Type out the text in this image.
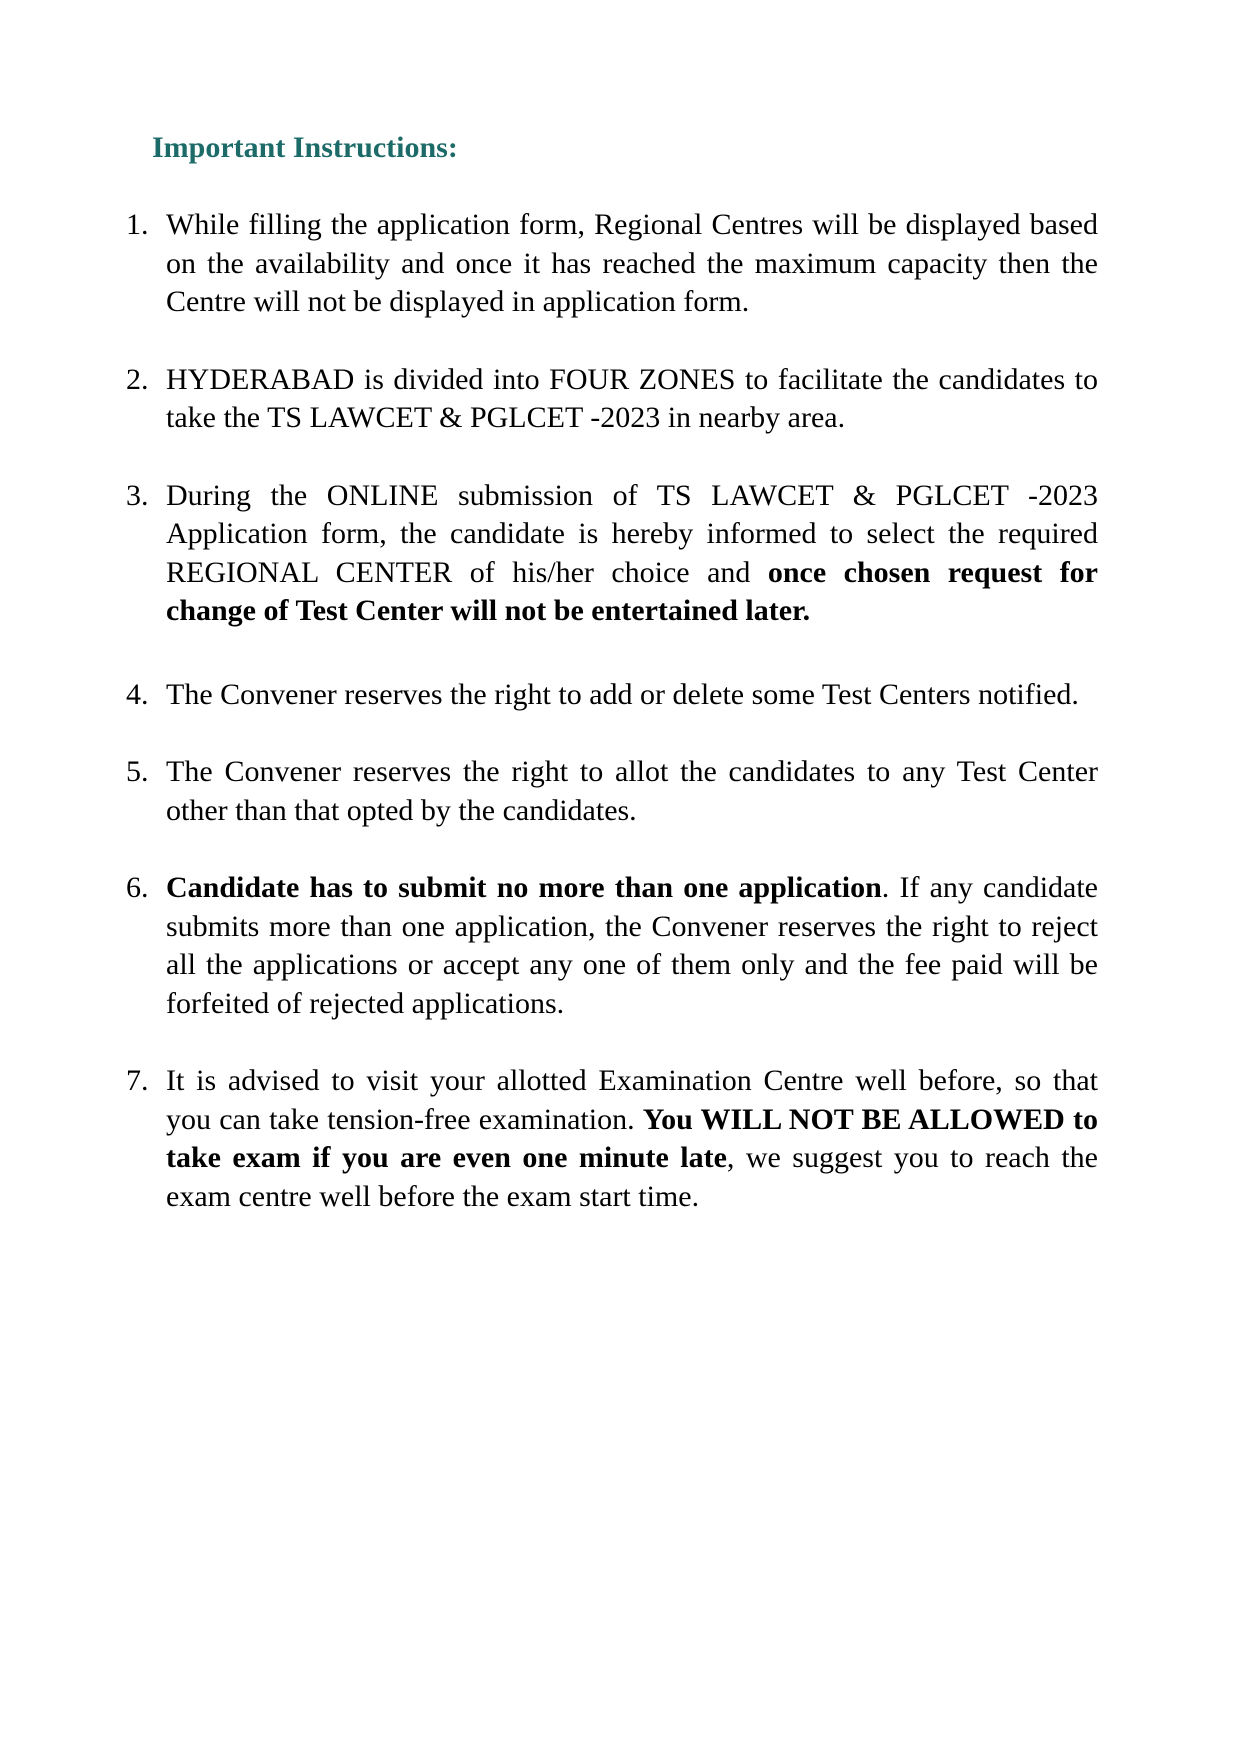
Important Instructions:
1. While filling the application form, Regional Centres will be displayed based on the availability and once it has reached the maximum capacity then the Centre will not be displayed in application form.
2. HYDERABAD is divided into FOUR ZONES to facilitate the candidates to take the TS LAWCET & PGLCET -2023 in nearby area.
3. During the ONLINE submission of TS LAWCET & PGLCET -2023 Application form, the candidate is hereby informed to select the required REGIONAL CENTER of his/her choice and once chosen request for change of Test Center will not be entertained later.
4. The Convener reserves the right to add or delete some Test Centers notified.
5. The Convener reserves the right to allot the candidates to any Test Center other than that opted by the candidates.
6. Candidate has to submit no more than one application. If any candidate submits more than one application, the Convener reserves the right to reject all the applications or accept any one of them only and the fee paid will be forfeited of rejected applications.
7. It is advised to visit your allotted Examination Centre well before, so that you can take tension-free examination. You WILL NOT BE ALLOWED to take exam if you are even one minute late, we suggest you to reach the exam centre well before the exam start time.
